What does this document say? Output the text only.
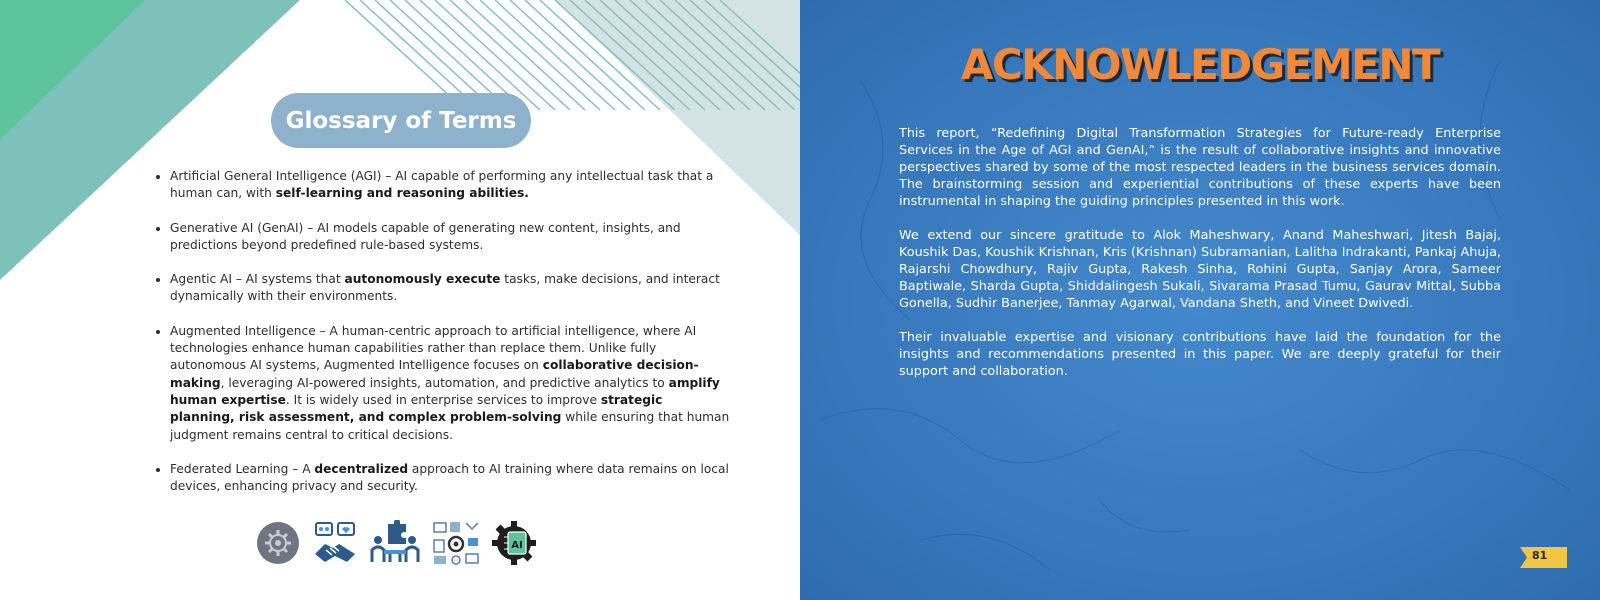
Glossary of Terms
• Artificial General Intelligence (AGI) – AI capable of performing any intellectual task that a human can, with self-learning and reasoning abilities.
• Generative AI (GenAI) – AI models capable of generating new content, insights, and predictions beyond predefined rule-based systems.
• Agentic AI – AI systems that autonomously execute tasks, make decisions, and interact dynamically with their environments.
• Augmented Intelligence – A human-centric approach to artificial intelligence, where AI technologies enhance human capabilities rather than replace them. Unlike fully autonomous AI systems, Augmented Intelligence focuses on collaborative decision-making, leveraging AI-powered insights, automation, and predictive analytics to amplify human expertise. It is widely used in enterprise services to improve strategic planning, risk assessment, and complex problem-solving while ensuring that human judgment remains central to critical decisions.
• Federated Learning – A decentralized approach to AI training where data remains on local devices, enhancing privacy and security.
AI
ACKNOWLEDGEMENT

This report, “Redefining Digital Transformation Strategies for Future-ready Enterprise Services in the Age of AGI and GenAI,” is the result of collaborative insights and innovative perspectives shared by some of the most respected leaders in the business services domain. The brainstorming session and experiential contributions of these experts have been instrumental in shaping the guiding principles presented in this work.

We extend our sincere gratitude to Alok Maheshwary, Anand Maheshwari, Jitesh Bajaj, Koushik Das, Koushik Krishnan, Kris (Krishnan) Subramanian, Lalitha Indrakanti, Pankaj Ahuja, Rajarshi Chowdhury, Rajiv Gupta, Rakesh Sinha, Rohini Gupta, Sanjay Arora, Sameer Baptiwale, Sharda Gupta, Shiddalingesh Sukali, Sivarama Prasad Tumu, Gaurav Mittal, Subba Gonella, Sudhir Banerjee, Tanmay Agarwal, Vandana Sheth, and Vineet Dwivedi.

Their invaluable expertise and visionary contributions have laid the foundation for the insights and recommendations presented in this paper. We are deeply grateful for their support and collaboration.

81
